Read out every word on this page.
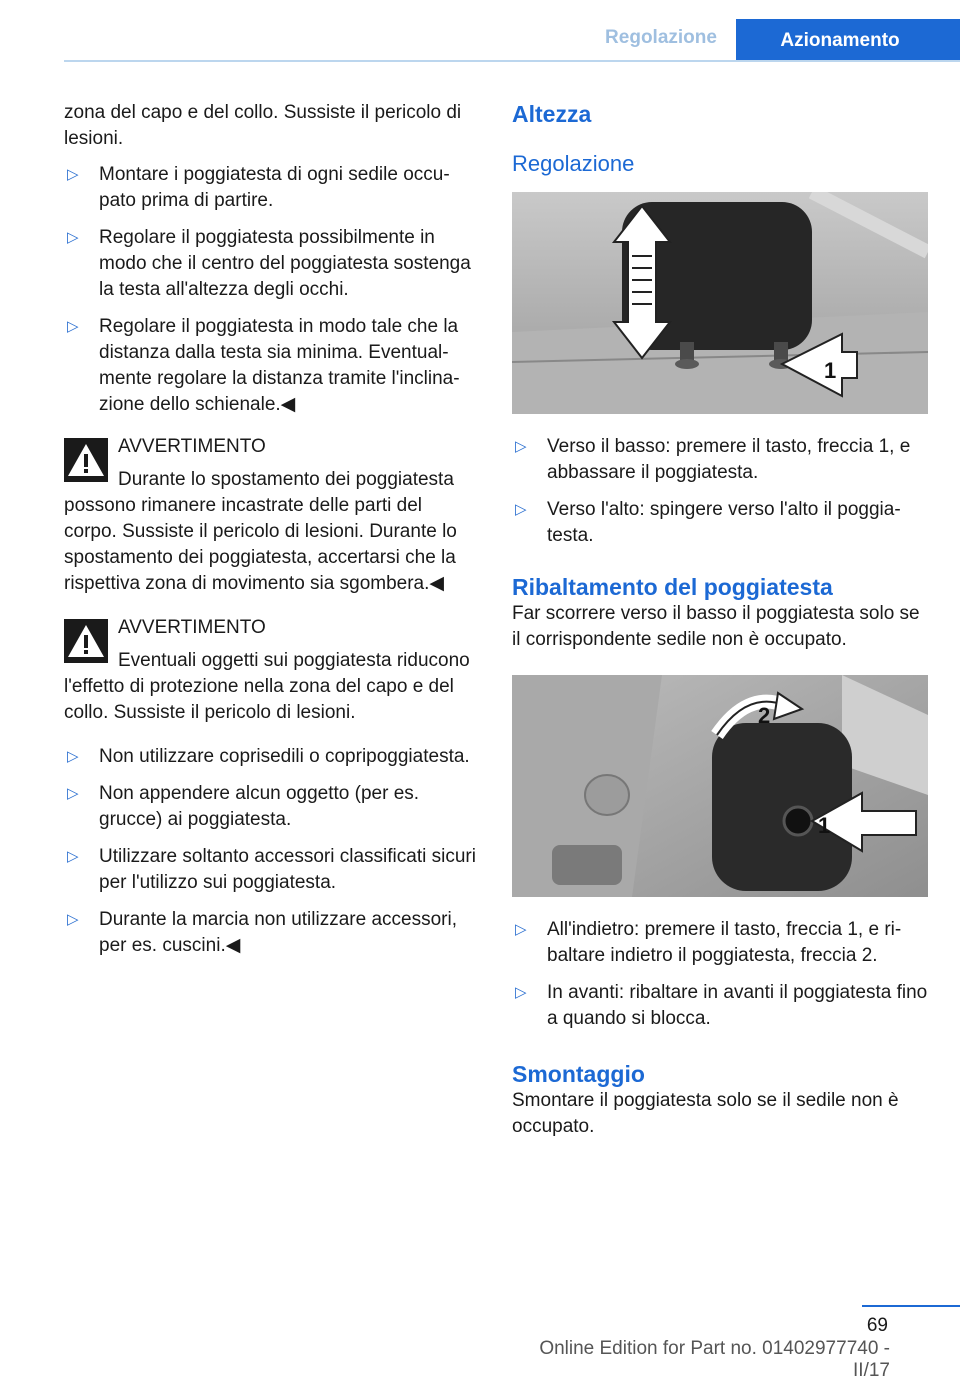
Regolazione	Azionamento

zona del capo e del collo. Sussiste il pericolo di lesioni.

▷ Montare i poggiatesta di ogni sedile occupato prima di partire.
▷ Regolare il poggiatesta possibilmente in modo che il centro del poggiatesta sostenga la testa all'altezza degli occhi.
▷ Regolare il poggiatesta in modo tale che la distanza dalla testa sia minima. Eventualmente regolare la distanza tramite l'inclinazione dello schienale.◀

AVVERTIMENTO

Durante lo spostamento dei poggiatesta possono rimanere incastrate delle parti del corpo. Sussiste il pericolo di lesioni. Durante lo spostamento dei poggiatesta, accertarsi che la rispettiva zona di movimento sia sgombera.◀

AVVERTIMENTO

Eventuali oggetti sui poggiatesta riducono l'effetto di protezione nella zona del capo e del collo. Sussiste il pericolo di lesioni.

▷ Non utilizzare coprisedili o copripoggiatesta.
▷ Non appendere alcun oggetto (per es. grucce) ai poggiatesta.
▷ Utilizzare soltanto accessori classificati sicuri per l'utilizzo sui poggiatesta.
▷ Durante la marcia non utilizzare accessori, per es. cuscini.◀
Altezza
Regolazione
1
▷ Verso il basso: premere il tasto, freccia 1, e abbassare il poggiatesta.
▷ Verso l'alto: spingere verso l'alto il poggiatesta.
Ribaltamento del poggiatesta

Far scorrere verso il basso il poggiatesta solo se il corrispondente sedile non è occupato.

2
1
▷ All'indietro: premere il tasto, freccia 1, e ribaltare indietro il poggiatesta, freccia 2.
▷ In avanti: ribaltare in avanti il poggiatesta fino a quando si blocca.
Smontaggio

Smontare il poggiatesta solo se il sedile non è occupato.

69
Online Edition for Part no. 01402977740 - II/17
